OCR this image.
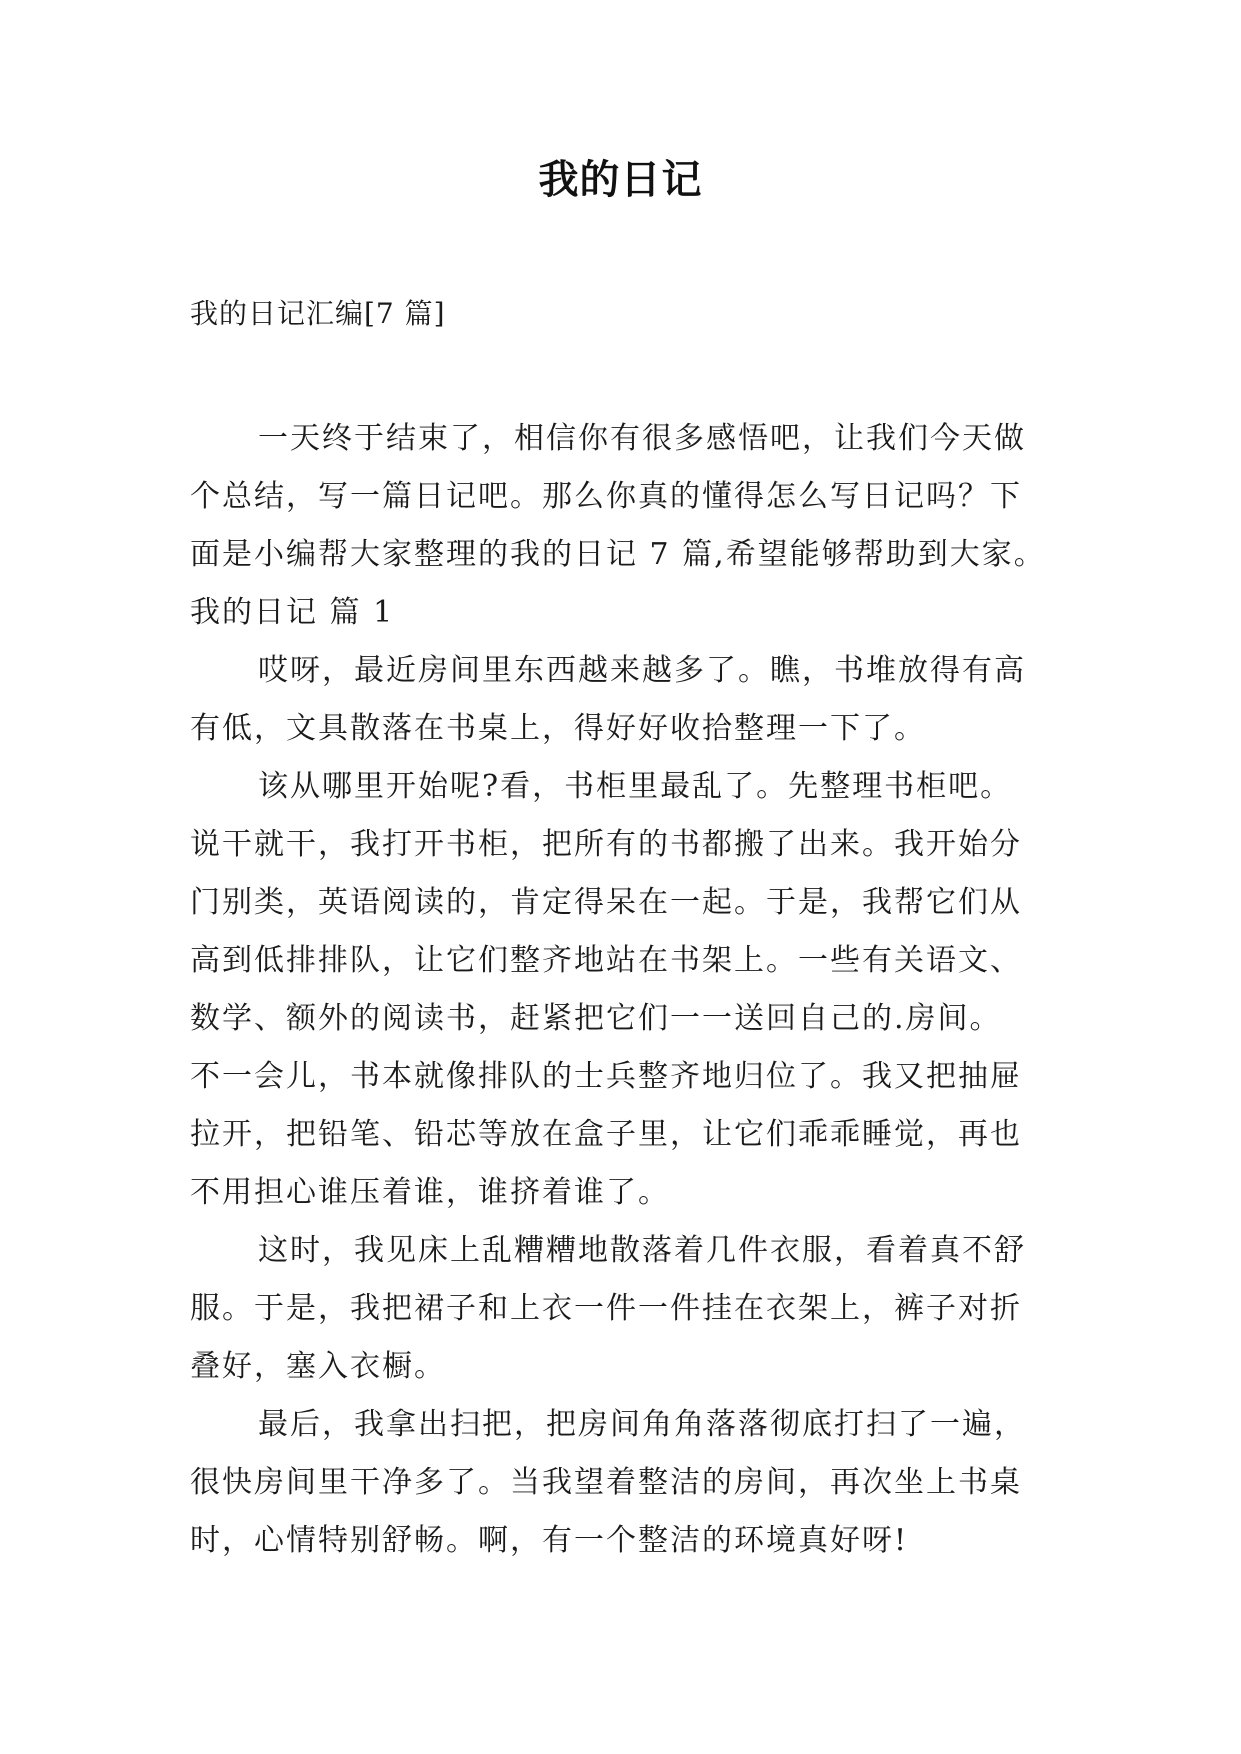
我的日记
我的日记汇编[7 篇]
一天终于结束了，相信你有很多感悟吧，让我们今天做
个总结，写一篇日记吧。那么你真的懂得怎么写日记吗？下
面是小编帮大家整理的我的日记 7 篇,希望能够帮助到大家。
我的日记 篇 1
哎呀，最近房间里东西越来越多了。瞧，书堆放得有高
有低，文具散落在书桌上，得好好收拾整理一下了。
该从哪里开始呢?看，书柜里最乱了。先整理书柜吧。
说干就干，我打开书柜，把所有的书都搬了出来。我开始分
门别类，英语阅读的，肯定得呆在一起。于是，我帮它们从
高到低排排队，让它们整齐地站在书架上。一些有关语文、
数学、额外的阅读书，赶紧把它们一一送回自己的.房间。
不一会儿，书本就像排队的士兵整齐地归位了。我又把抽屉
拉开，把铅笔、铅芯等放在盒子里，让它们乖乖睡觉，再也
不用担心谁压着谁，谁挤着谁了。
这时，我见床上乱糟糟地散落着几件衣服，看着真不舒
服。于是，我把裙子和上衣一件一件挂在衣架上，裤子对折
叠好，塞入衣橱。
最后，我拿出扫把，把房间角角落落彻底打扫了一遍，
很快房间里干净多了。当我望着整洁的房间，再次坐上书桌
时，心情特别舒畅。啊，有一个整洁的环境真好呀!
